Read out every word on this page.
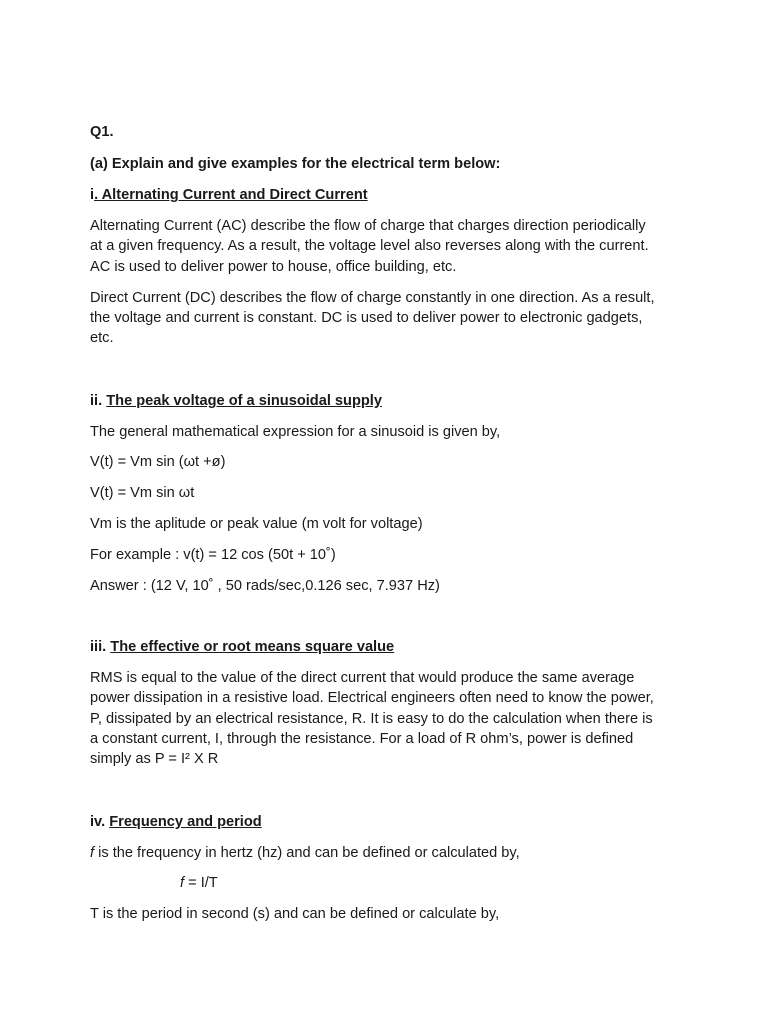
Q1.

(a) Explain and give examples for the electrical term below:

i. Alternating Current and Direct Current

Alternating Current (AC) describe the flow of charge that charges direction periodically

at a given frequency. As a result, the voltage level also reverses along with the current.

AC is used to deliver power to house, office building, etc.

Direct Current (DC) describes the flow of charge constantly in one direction. As a result,

the voltage and current is constant. DC is used to deliver power to electronic gadgets,

etc.

ii. The peak voltage of a sinusoidal supply

The general mathematical expression for a sinusoid is given by,

V(t) = Vm sin (ωt +ø)

V(t) = Vm sin ωt

Vm is the aplitude or peak value (m volt for voltage)

For example : v(t) = 12 cos (50t + 10˚)

Answer : (12 V, 10˚ , 50 rads/sec,0.126 sec, 7.937 Hz)

iii. The effective or root means square value

RMS is equal to the value of the direct current that would produce the same average

power dissipation in a resistive load. Electrical engineers often need to know the power,

P, dissipated by an electrical resistance, R. It is easy to do the calculation when there is

a constant current, I, through the resistance. For a load of R ohm’s, power is defined

simply as P = I² X R

iv. Frequency and period

f is the frequency in hertz (hz) and can be defined or calculated by,

f = I/T

T is the period in second (s) and can be defined or calculate by,
